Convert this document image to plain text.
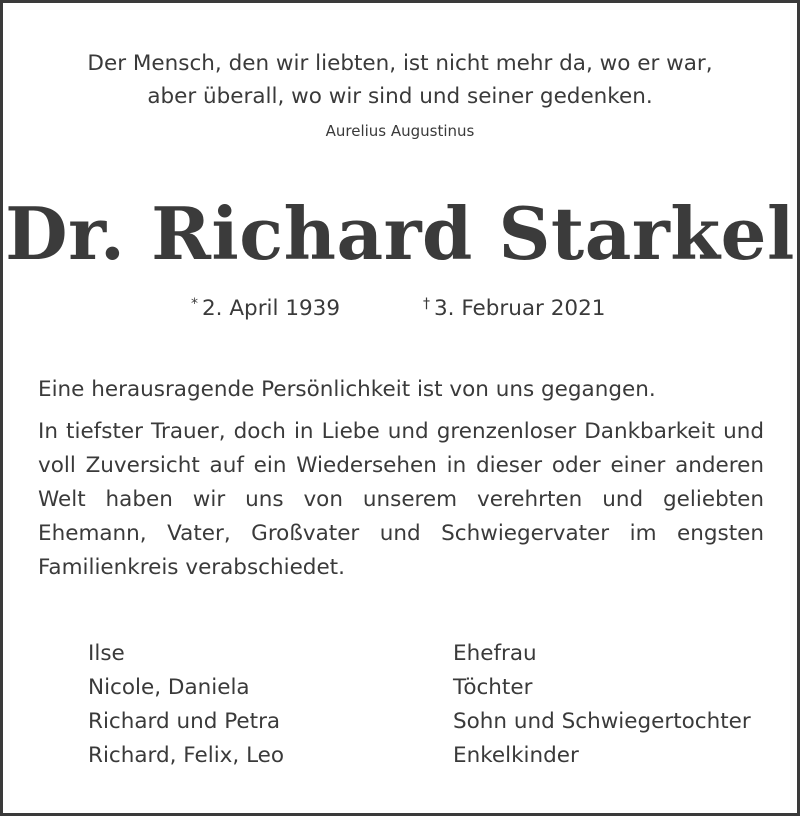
Der Mensch, den wir liebten, ist nicht mehr da, wo er war,
aber überall, wo wir sind und seiner gedenken.
Aurelius Augustinus
Dr. Richard Starkel
* 2. April 1939	† 3. Februar 2021
Eine herausragende Persönlichkeit ist von uns gegangen.
In tiefster Trauer, doch in Liebe und grenzenloser Dankbarkeit und voll Zuversicht auf ein Wiedersehen in dieser oder einer anderen Welt haben wir uns von unserem verehrten und geliebten Ehemann, Vater, Großvater und Schwiegervater im engsten Familienkreis verabschiedet.
Ilse	Ehefrau
Nicole, Daniela	Töchter
Richard und Petra	Sohn und Schwiegertochter
Richard, Felix, Leo	Enkelkinder
